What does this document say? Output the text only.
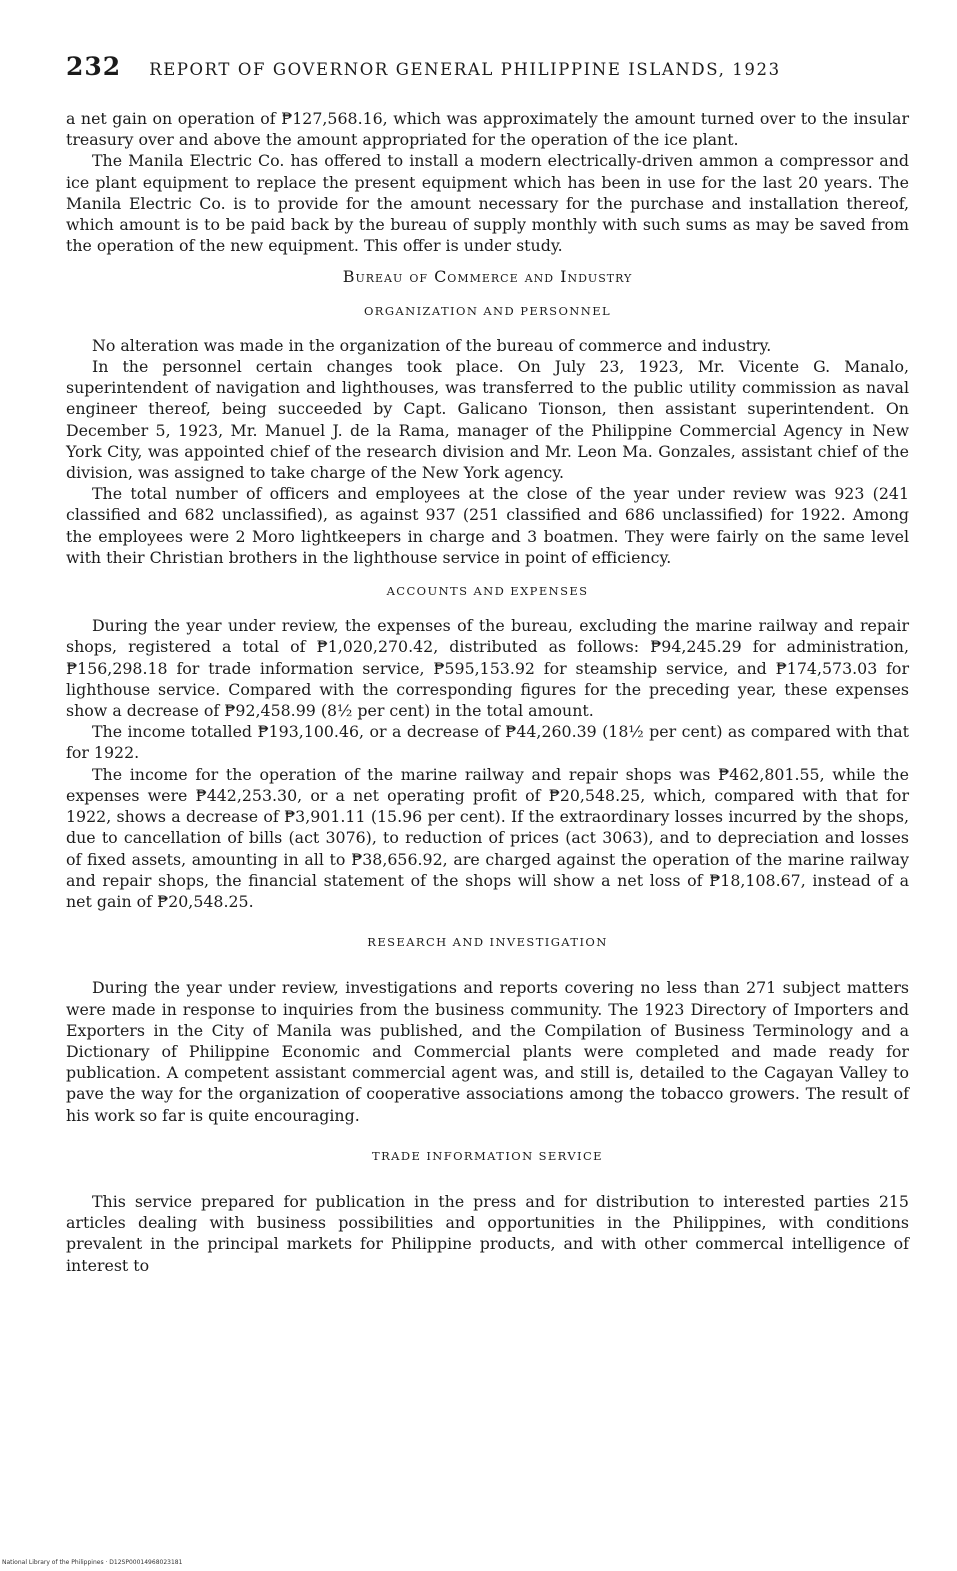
232 REPORT OF GOVERNOR GENERAL PHILIPPINE ISLANDS, 1923

a net gain on operation of ₱127,568.16, which was approximately the amount turned over to the insular treasury over and above the amount appropriated for the operation of the ice plant.

The Manila Electric Co. has offered to install a modern electrically-driven ammon a compressor and ice plant equipment to replace the present equipment which has been in use for the last 20 years. The Manila Electric Co. is to provide for the amount necessary for the purchase and installation thereof, which amount is to be paid back by the bureau of supply monthly with such sums as may be saved from the operation of the new equipment. This offer is under study.

Bureau of Commerce and Industry
ORGANIZATION AND PERSONNEL

No alteration was made in the organization of the bureau of commerce and industry.

In the personnel certain changes took place. On July 23, 1923, Mr. Vicente G. Manalo, superintendent of navigation and lighthouses, was transferred to the public utility commission as naval engineer thereof, being succeeded by Capt. Galicano Tionson, then assistant superintendent. On December 5, 1923, Mr. Manuel J. de la Rama, manager of the Philippine Commercial Agency in New York City, was appointed chief of the research division and Mr. Leon Ma. Gonzales, assistant chief of the division, was assigned to take charge of the New York agency.

The total number of officers and employees at the close of the year under review was 923 (241 classified and 682 unclassified), as against 937 (251 classified and 686 unclassified) for 1922. Among the employees were 2 Moro lightkeepers in charge and 3 boatmen. They were fairly on the same level with their Christian brothers in the lighthouse service in point of efficiency.

ACCOUNTS AND EXPENSES

During the year under review, the expenses of the bureau, excluding the marine railway and repair shops, registered a total of ₱1,020,270.42, distributed as follows: ₱94,245.29 for administration, ₱156,298.18 for trade information service, ₱595,153.92 for steamship service, and ₱174,573.03 for lighthouse service. Compared with the corresponding figures for the preceding year, these expenses show a decrease of ₱92,458.99 (8½ per cent) in the total amount.

The income totalled ₱193,100.46, or a decrease of ₱44,260.39 (18½ per cent) as compared with that for 1922.

The income for the operation of the marine railway and repair shops was ₱462,801.55, while the expenses were ₱442,253.30, or a net operating profit of ₱20,548.25, which, compared with that for 1922, shows a decrease of ₱3,901.11 (15.96 per cent). If the extraordinary losses incurred by the shops, due to cancellation of bills (act 3076), to reduction of prices (act 3063), and to depreciation and losses of fixed assets, amounting in all to ₱38,656.92, are charged against the operation of the marine railway and repair shops, the financial statement of the shops will show a net loss of ₱18,108.67, instead of a net gain of ₱20,548.25.

RESEARCH AND INVESTIGATION

During the year under review, investigations and reports covering no less than 271 subject matters were made in response to inquiries from the business community. The 1923 Directory of Importers and Exporters in the City of Manila was published, and the Compilation of Business Terminology and a Dictionary of Philippine Economic and Commercial plants were completed and made ready for publication. A competent assistant commercial agent was, and still is, detailed to the Cagayan Valley to pave the way for the organization of cooperative associations among the tobacco growers. The result of his work so far is quite encouraging.

TRADE INFORMATION SERVICE

This service prepared for publication in the press and for distribution to interested parties 215 articles dealing with business possibilities and opportunities in the Philippines, with conditions prevalent in the principal markets for Philippine products, and with other commercal intelligence of interest to

National Library of the Philippines · D12SP00014968023181
